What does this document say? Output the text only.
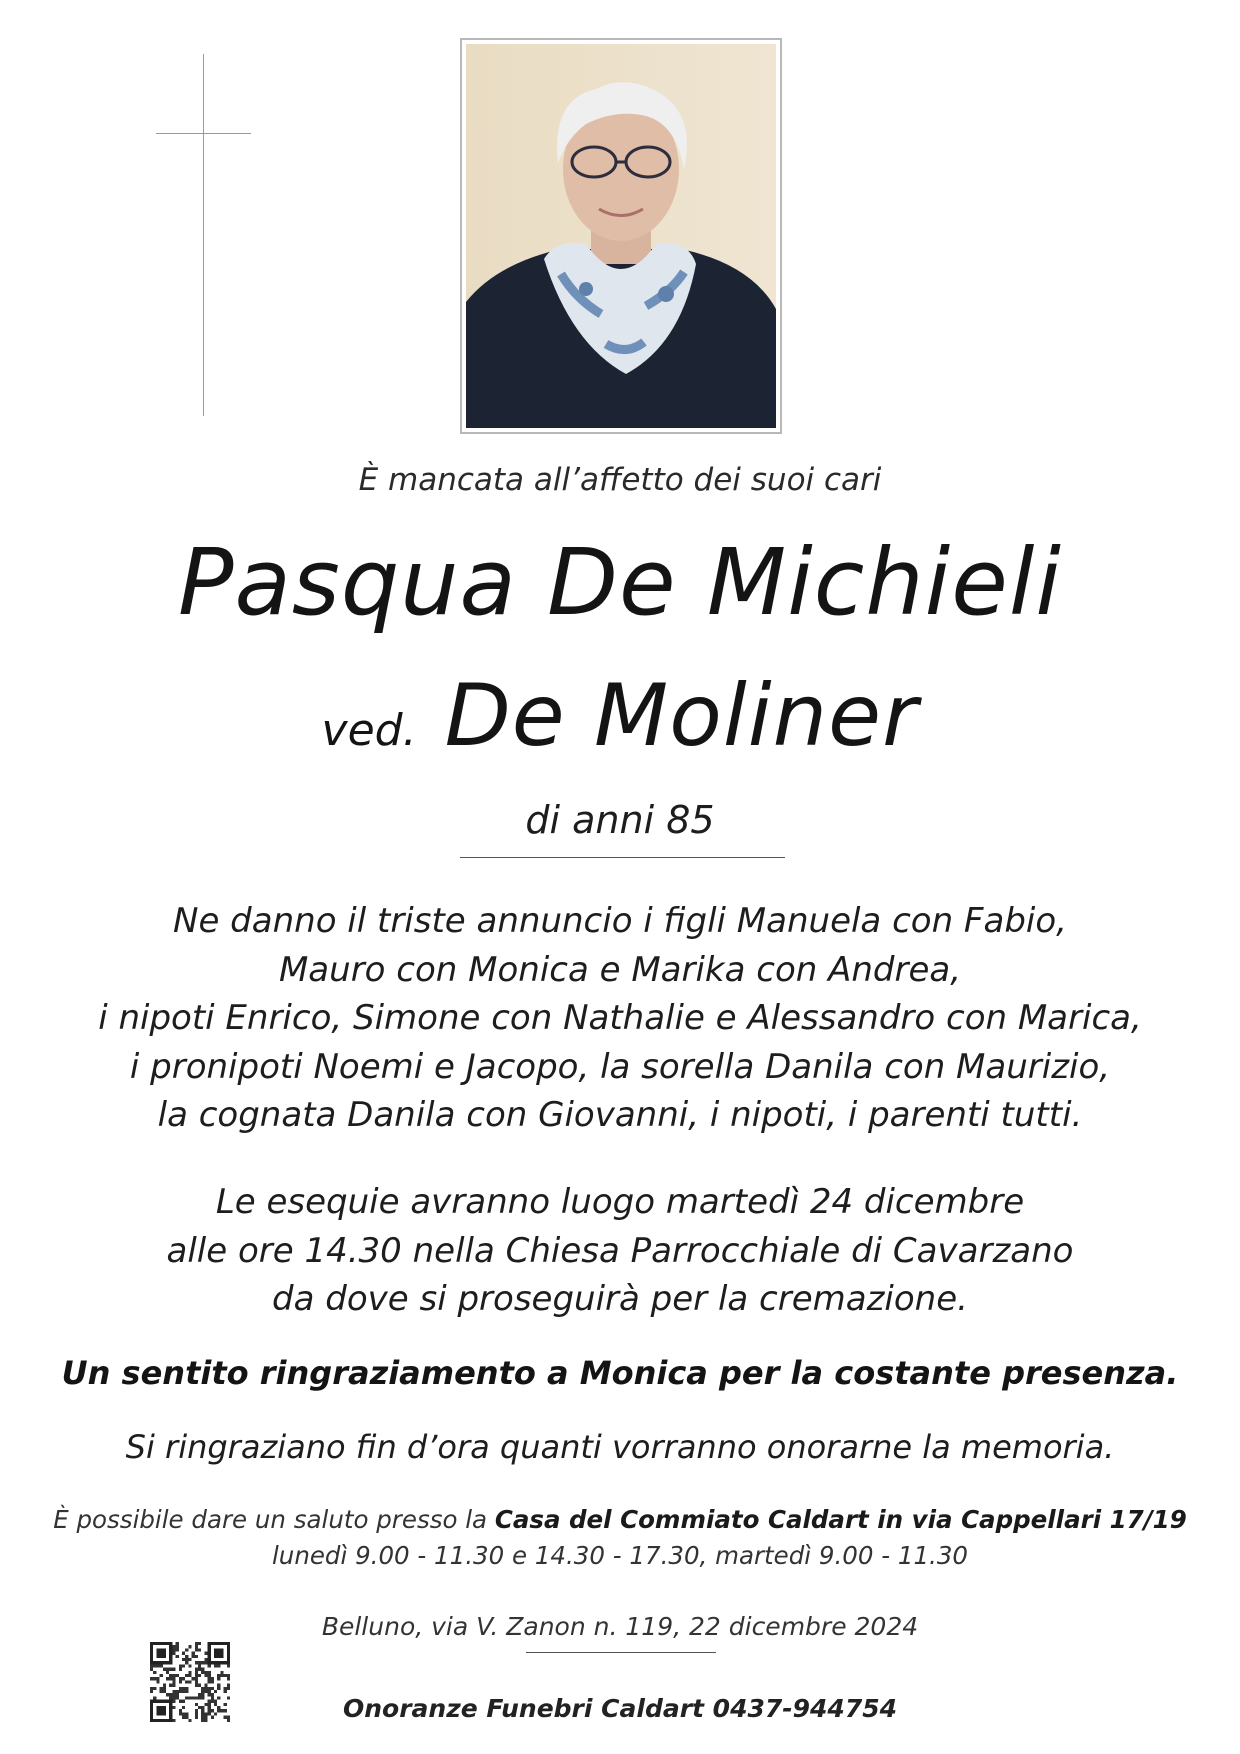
È mancata all’affetto dei suoi cari
Pasqua De Michieli
ved. De Moliner
di anni 85
Ne danno il triste annuncio i figli Manuela con Fabio,
Mauro con Monica e Marika con Andrea,
i nipoti Enrico, Simone con Nathalie e Alessandro con Marica,
i pronipoti Noemi e Jacopo, la sorella Danila con Maurizio,
la cognata Danila con Giovanni, i nipoti, i parenti tutti.
Le esequie avranno luogo martedì 24 dicembre
alle ore 14.30 nella Chiesa Parrocchiale di Cavarzano
da dove si proseguirà per la cremazione.
Un sentito ringraziamento a Monica per la costante presenza.
Si ringraziano fin d’ora quanti vorranno onorarne la memoria.
È possibile dare un saluto presso la Casa del Commiato Caldart in via Cappellari 17/19
lunedì 9.00 - 11.30 e 14.30 - 17.30, martedì 9.00 - 11.30
Belluno, via V. Zanon n. 119, 22 dicembre 2024
Onoranze Funebri Caldart 0437-944754
